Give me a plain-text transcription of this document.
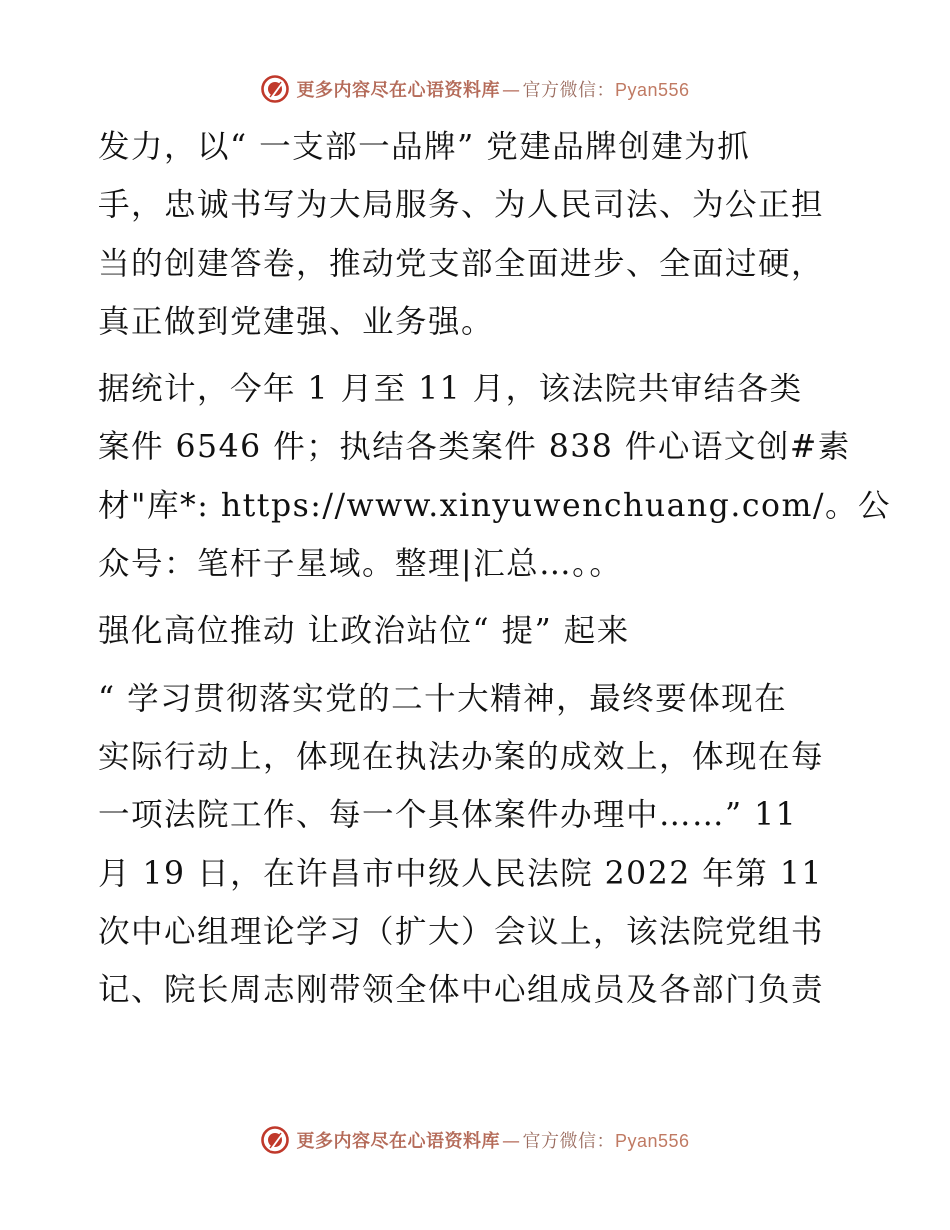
更多内容尽在心语资料库 — 官方微信：Pyan556
发力，以“ 一支部一品牌” 党建品牌创建为抓
手，忠诚书写为大局服务、为人民司法、为公正担
当的创建答卷，推动党支部全面进步、全面过硬，
真正做到党建强、业务强。
据统计，今年 1 月至 11 月，该法院共审结各类
案件 6546 件；执结各类案件 838 件心语文创#素
材"库*: https://www.xinyuwenchuang.com/。公
众号：笔杆子星域。整理|汇总…。。
强化高位推动 让政治站位“ 提” 起来
“ 学习贯彻落实党的二十大精神，最终要体现在
实际行动上，体现在执法办案的成效上，体现在每
一项法院工作、每一个具体案件办理中……” 11
月 19 日，在许昌市中级人民法院 2022 年第 11
次中心组理论学习（扩大）会议上，该法院党组书
记、院长周志刚带领全体中心组成员及各部门负责
更多内容尽在心语资料库 — 官方微信：Pyan556
